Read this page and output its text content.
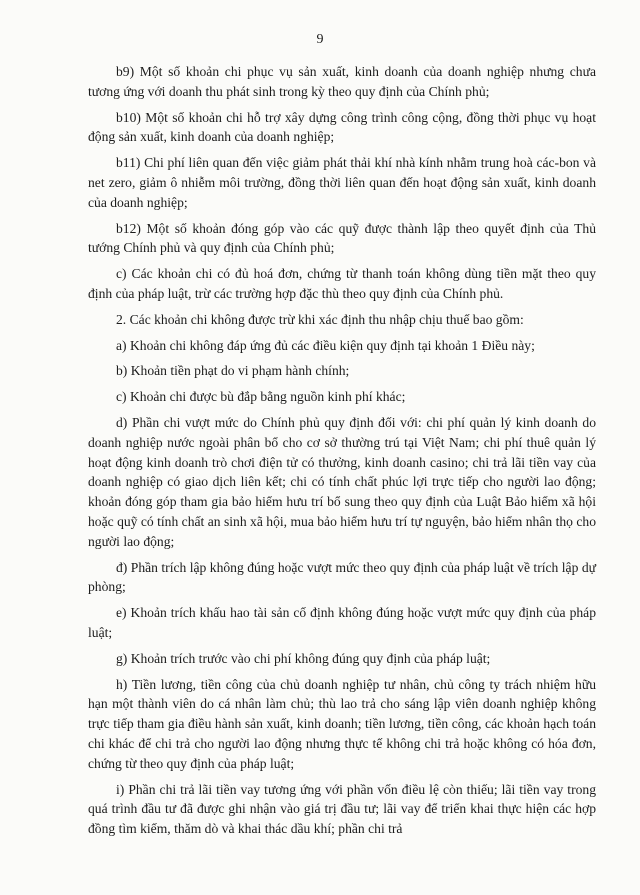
9

b9) Một số khoản chi phục vụ sản xuất, kinh doanh của doanh nghiệp nhưng chưa tương ứng với doanh thu phát sinh trong kỳ theo quy định của Chính phủ;

b10) Một số khoản chi hỗ trợ xây dựng công trình công cộng, đồng thời phục vụ hoạt động sản xuất, kinh doanh của doanh nghiệp;

b11) Chi phí liên quan đến việc giảm phát thải khí nhà kính nhằm trung hoà các-bon và net zero, giảm ô nhiễm môi trường, đồng thời liên quan đến hoạt động sản xuất, kinh doanh của doanh nghiệp;

b12) Một số khoản đóng góp vào các quỹ được thành lập theo quyết định của Thủ tướng Chính phủ và quy định của Chính phủ;

c) Các khoản chi có đủ hoá đơn, chứng từ thanh toán không dùng tiền mặt theo quy định của pháp luật, trừ các trường hợp đặc thù theo quy định của Chính phủ.

2. Các khoản chi không được trừ khi xác định thu nhập chịu thuế bao gồm:

a) Khoản chi không đáp ứng đủ các điều kiện quy định tại khoản 1 Điều này;

b) Khoản tiền phạt do vi phạm hành chính;

c) Khoản chi được bù đắp bằng nguồn kinh phí khác;

d) Phần chi vượt mức do Chính phủ quy định đối với: chi phí quản lý kinh doanh do doanh nghiệp nước ngoài phân bổ cho cơ sở thường trú tại Việt Nam; chi phí thuê quản lý hoạt động kinh doanh trò chơi điện tử có thưởng, kinh doanh casino; chi trả lãi tiền vay của doanh nghiệp có giao dịch liên kết; chi có tính chất phúc lợi trực tiếp cho người lao động; khoản đóng góp tham gia bảo hiểm hưu trí bổ sung theo quy định của Luật Bảo hiểm xã hội hoặc quỹ có tính chất an sinh xã hội, mua bảo hiểm hưu trí tự nguyện, bảo hiểm nhân thọ cho người lao động;

đ) Phần trích lập không đúng hoặc vượt mức theo quy định của pháp luật về trích lập dự phòng;

e) Khoản trích khấu hao tài sản cố định không đúng hoặc vượt mức quy định của pháp luật;

g) Khoản trích trước vào chi phí không đúng quy định của pháp luật;

h) Tiền lương, tiền công của chủ doanh nghiệp tư nhân, chủ công ty trách nhiệm hữu hạn một thành viên do cá nhân làm chủ; thù lao trả cho sáng lập viên doanh nghiệp không trực tiếp tham gia điều hành sản xuất, kinh doanh; tiền lương, tiền công, các khoản hạch toán chi khác để chi trả cho người lao động nhưng thực tế không chi trả hoặc không có hóa đơn, chứng từ theo quy định của pháp luật;

i) Phần chi trả lãi tiền vay tương ứng với phần vốn điều lệ còn thiếu; lãi tiền vay trong quá trình đầu tư đã được ghi nhận vào giá trị đầu tư; lãi vay để triển khai thực hiện các hợp đồng tìm kiếm, thăm dò và khai thác dầu khí; phần chi trả
